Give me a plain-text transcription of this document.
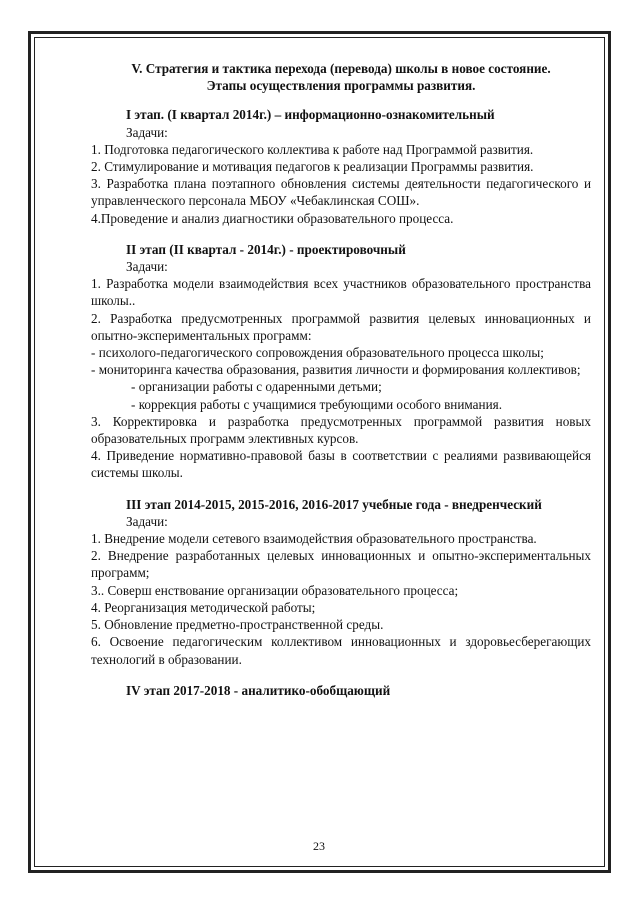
V. Стратегия и тактика перехода (перевода) школы в новое состояние.

Этапы осуществления программы развития.

I этап. (I квартал 2014г.) – информационно-ознакомительный

Задачи:

1. Подготовка педагогического коллектива к работе над Программой развития.

2. Стимулирование и мотивация педагогов к реализации Программы развития.

3. Разработка плана поэтапного обновления системы деятельности педагогического и управленческого персонала МБОУ «Чебаклинская СОШ».

4.Проведение и анализ диагностики образовательного процесса.

II этап (II квартал - 2014г.) - проектировочный

Задачи:

1. Разработка модели взаимодействия всех участников образовательного пространства школы..

2. Разработка предусмотренных программой развития целевых инновационных и опытно-экспериментальных программ:

- психолого-педагогического сопровождения образовательного процесса школы;

- мониторинга качества образования, развития личности и формирования коллективов;

- организации работы с одаренными детьми;

- коррекция работы с учащимися требующими особого внимания.

3. Корректировка и разработка предусмотренных программой развития новых образовательных программ элективных курсов.

4. Приведение нормативно-правовой базы в соответствии с реалиями развивающейся системы школы.

III этап 2014-2015, 2015-2016, 2016-2017 учебные года - внедренческий

Задачи:

1. Внедрение модели сетевого взаимодействия образовательного пространства.

2. Внедрение разработанных целевых инновационных и опытно-экспериментальных программ;

3.. Соверш енствование организации образовательного процесса;

4. Реорганизация методической работы;

5. Обновление предметно-пространственной среды.

6. Освоение педагогическим коллективом инновационных и здоровьесберегающих технологий в образовании.

IV этап 2017-2018 - аналитико-обобщающий

23
